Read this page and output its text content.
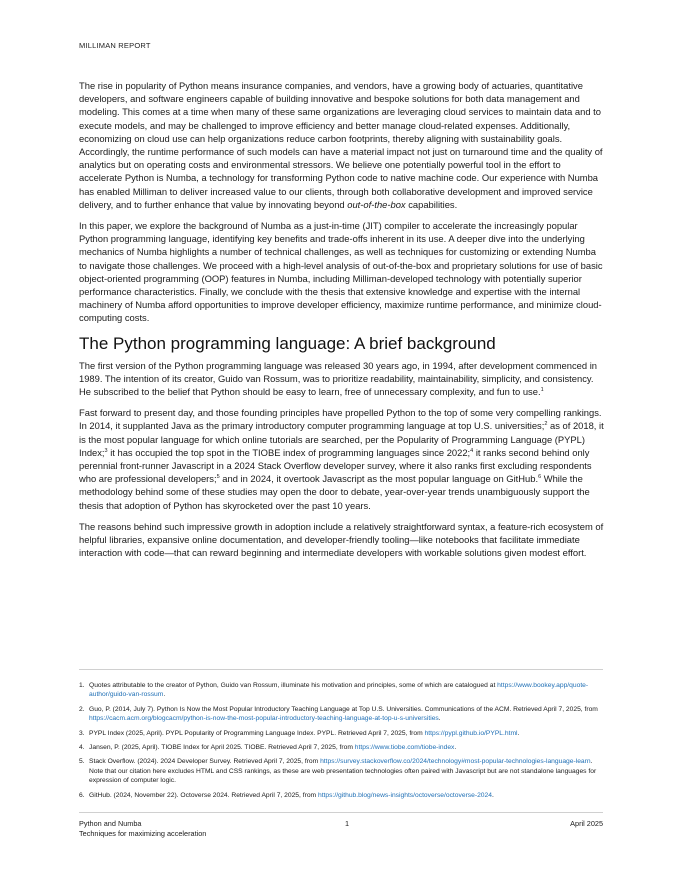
MILLIMAN REPORT

The rise in popularity of Python means insurance companies, and vendors, have a growing body of actuaries, quantitative developers, and software engineers capable of building innovative and bespoke solutions for both data management and modeling. This comes at a time when many of these same organizations are leveraging cloud services to maintain data and to execute models, and may be challenged to improve efficiency and better manage cloud-related expenses. Additionally, economizing on cloud use can help organizations reduce carbon footprints, thereby aligning with sustainability goals. Accordingly, the runtime performance of such models can have a material impact not just on turnaround time and the quality of analytics but on operating costs and environmental stressors. We believe one potentially powerful tool in the effort to accelerate Python is Numba, a technology for transforming Python code to native machine code. Our experience with Numba has enabled Milliman to deliver increased value to our clients, through both collaborative development and improved service delivery, and to further enhance that value by innovating beyond out-of-the-box capabilities.

In this paper, we explore the background of Numba as a just-in-time (JIT) compiler to accelerate the increasingly popular Python programming language, identifying key benefits and trade-offs inherent in its use. A deeper dive into the underlying mechanics of Numba highlights a number of technical challenges, as well as techniques for customizing or extending Numba to navigate those challenges. We proceed with a high-level analysis of out-of-the-box and proprietary solutions for use of basic object-oriented programming (OOP) features in Numba, including Milliman-developed technology with potentially superior performance characteristics. Finally, we conclude with the thesis that extensive knowledge and expertise with the internal machinery of Numba afford opportunities to improve developer efficiency, maximize runtime performance, and minimize cloud-computing costs.

The Python programming language: A brief background

The first version of the Python programming language was released 30 years ago, in 1994, after development commenced in 1989. The intention of its creator, Guido van Rossum, was to prioritize readability, maintainability, simplicity, and consistency. He subscribed to the belief that Python should be easy to learn, free of unnecessary complexity, and fun to use.$^1$

Fast forward to present day, and those founding principles have propelled Python to the top of some very compelling rankings. In 2014, it supplanted Java as the primary introductory computer programming language at top U.S. universities;$^2$ as of 2018, it is the most popular language for which online tutorials are searched, per the Popularity of Programming Language (PYPL) Index;$^3$ it has occupied the top spot in the TIOBE index of programming languages since 2022;$^4$ it ranks second behind only perennial front-runner Javascript in a 2024 Stack Overflow developer survey, where it also ranks first excluding respondents who are professional developers;$^5$ and in 2024, it overtook Javascript as the most popular language on GitHub.$^6$ While the methodology behind some of these studies may open the door to debate, year-over-year trends unambiguously support the thesis that adoption of Python has skyrocketed over the past 10 years.

The reasons behind such impressive growth in adoption include a relatively straightforward syntax, a feature-rich ecosystem of helpful libraries, expansive online documentation, and developer-friendly tooling—like notebooks that facilitate immediate interaction with code—that can reward beginning and intermediate developers with workable solutions given modest effort.

1. Quotes attributable to the creator of Python, Guido van Rossum, illuminate his motivation and principles, some of which are catalogued at https://www.bookey.app/quote-author/guido-van-rossum.
2. Guo, P. (2014, July 7). Python Is Now the Most Popular Introductory Teaching Language at Top U.S. Universities. Communications of the ACM. Retrieved April 7, 2025, from https://cacm.acm.org/blogcacm/python-is-now-the-most-popular-introductory-teaching-language-at-top-u-s-universities.
3. PYPL Index (2025, April). PYPL Popularity of Programming Language Index. PYPL. Retrieved April 7, 2025, from https://pypl.github.io/PYPL.html.
4. Jansen, P. (2025, April). TIOBE Index for April 2025. TIOBE. Retrieved April 7, 2025, from https://www.tiobe.com/tiobe-index.
5. Stack Overflow. (2024). 2024 Developer Survey. Retrieved April 7, 2025, from https://survey.stackoverflow.co/2024/technology#most-popular-technologies-language-learn. Note that our citation here excludes HTML and CSS rankings, as these are web presentation technologies often paired with Javascript but are not standalone languages for expression of computer logic.
6. GitHub. (2024, November 22). Octoverse 2024. Retrieved April 7, 2025, from https://github.blog/news-insights/octoverse/octoverse-2024.
Python and Numba
Techniques for maximizing acceleration
1	April 2025
